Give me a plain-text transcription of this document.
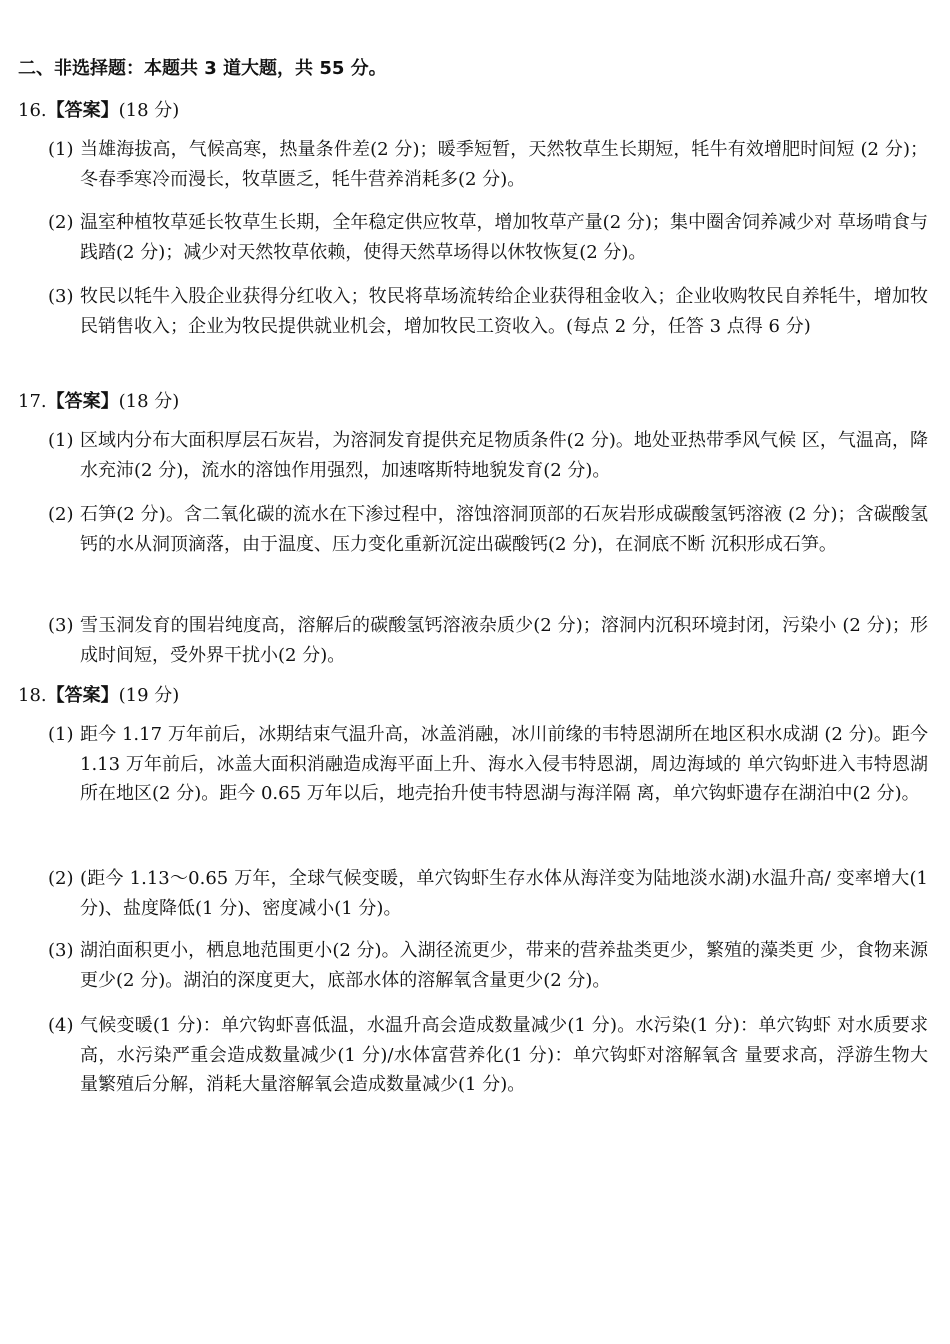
二、非选择题：本题共 3 道大题，共 55 分。
16.【答案】(18 分)
(1) 当雄海拔高，气候高寒，热量条件差(2 分)；暖季短暂，天然牧草生长期短，牦牛有效增肥时间短 (2 分)；冬春季寒冷而漫长，牧草匮乏，牦牛营养消耗多(2 分)。
(2) 温室种植牧草延长牧草生长期，全年稳定供应牧草，增加牧草产量(2 分)；集中圈舍饲养减少对 草场啃食与践踏(2 分)；减少对天然牧草依赖，使得天然草场得以休牧恢复(2 分)。
(3) 牧民以牦牛入股企业获得分红收入；牧民将草场流转给企业获得租金收入；企业收购牧民自养牦牛，增加牧民销售收入；企业为牧民提供就业机会，增加牧民工资收入。(每点 2 分，任答 3 点得 6 分)
17.【答案】(18 分)
(1) 区域内分布大面积厚层石灰岩，为溶洞发育提供充足物质条件(2 分)。地处亚热带季风气候 区，气温高，降水充沛(2 分)，流水的溶蚀作用强烈，加速喀斯特地貌发育(2 分)。
(2) 石笋(2 分)。含二氧化碳的流水在下渗过程中，溶蚀溶洞顶部的石灰岩形成碳酸氢钙溶液 (2 分)；含碳酸氢钙的水从洞顶滴落，由于温度、压力变化重新沉淀出碳酸钙(2 分)，在洞底不断 沉积形成石笋。
(3) 雪玉洞发育的围岩纯度高，溶解后的碳酸氢钙溶液杂质少(2 分)；溶洞内沉积环境封闭，污染小 (2 分)；形成时间短，受外界干扰小(2 分)。
18.【答案】(19 分)
(1) 距今 1.17 万年前后，冰期结束气温升高，冰盖消融，冰川前缘的韦特恩湖所在地区积水成湖 (2 分)。距今 1.13 万年前后，冰盖大面积消融造成海平面上升、海水入侵韦特恩湖，周边海域的 单穴钩虾进入韦特恩湖所在地区(2 分)。距今 0.65 万年以后，地壳抬升使韦特恩湖与海洋隔 离，单穴钩虾遗存在湖泊中(2 分)。
(2) (距今 1.13～0.65 万年，全球气候变暖，单穴钩虾生存水体从海洋变为陆地淡水湖)水温升高/ 变率增大(1 分)、盐度降低(1 分)、密度减小(1 分)。
(3) 湖泊面积更小，栖息地范围更小(2 分)。入湖径流更少，带来的营养盐类更少，繁殖的藻类更 少，食物来源更少(2 分)。湖泊的深度更大，底部水体的溶解氧含量更少(2 分)。
(4) 气候变暖(1 分)：单穴钩虾喜低温，水温升高会造成数量减少(1 分)。水污染(1 分)：单穴钩虾 对水质要求高，水污染严重会造成数量减少(1 分)/水体富营养化(1 分)：单穴钩虾对溶解氧含 量要求高，浮游生物大量繁殖后分解，消耗大量溶解氧会造成数量减少(1 分)。
